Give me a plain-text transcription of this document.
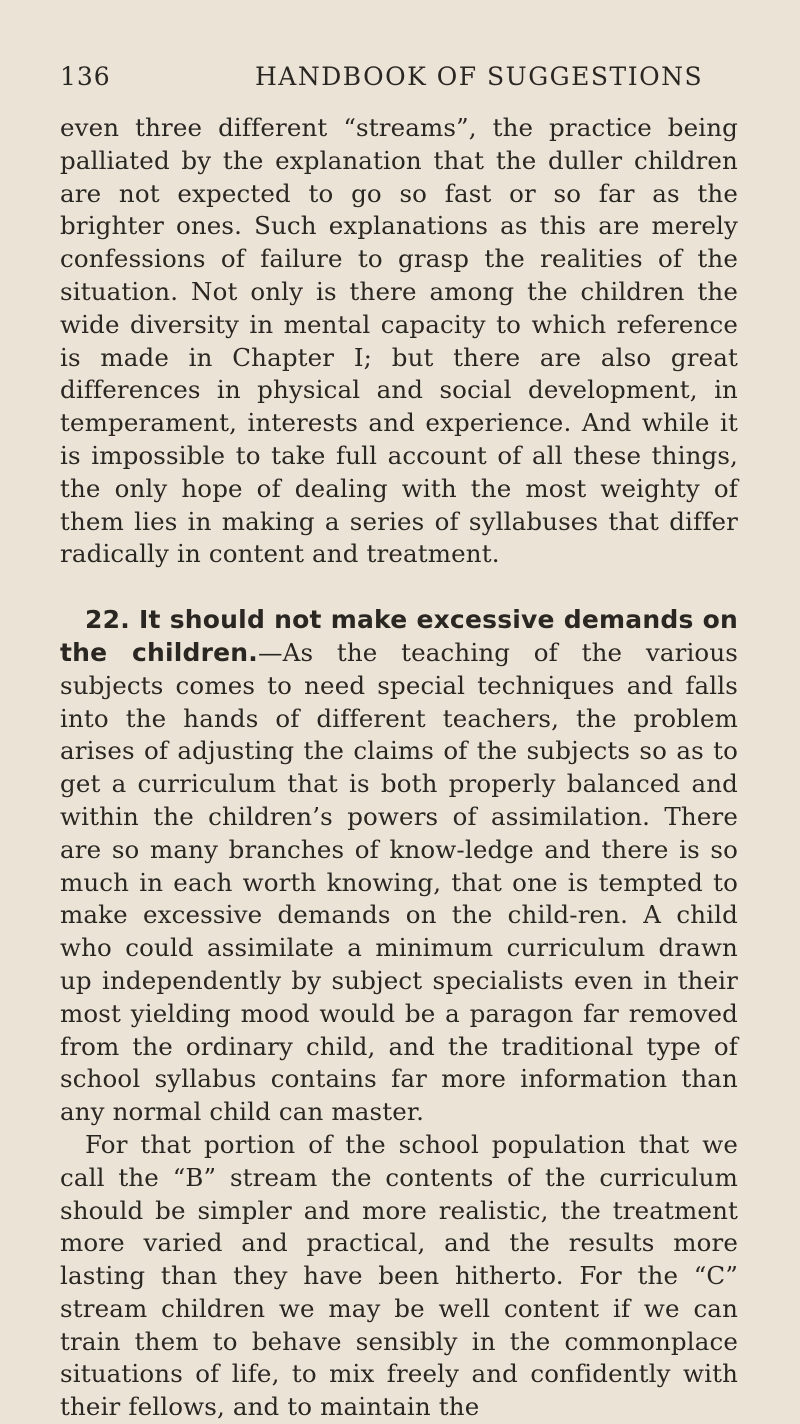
136	HANDBOOK OF SUGGESTIONS

even three different “streams”, the practice being palliated by the explanation that the duller children are not expected to go so fast or so far as the brighter ones. Such explanations as this are merely confessions of failure to grasp the realities of the situation. Not only is there among the children the wide diversity in mental capacity to which reference is made in Chapter I; but there are also great differences in physical and social development, in temperament, interests and experience. And while it is impossible to take full account of all these things, the only hope of dealing with the most weighty of them lies in making a series of syllabuses that differ radically in content and treatment.

22. It should not make excessive demands on the children.—As the teaching of the various subjects comes to need special techniques and falls into the hands of different teachers, the problem arises of adjusting the claims of the subjects so as to get a curriculum that is both properly balanced and within the children’s powers of assimilation. There are so many branches of know-ledge and there is so much in each worth knowing, that one is tempted to make excessive demands on the child-ren. A child who could assimilate a minimum curriculum drawn up independently by subject specialists even in their most yielding mood would be a paragon far removed from the ordinary child, and the traditional type of school syllabus contains far more information than any normal child can master.

For that portion of the school population that we call the “B” stream the contents of the curriculum should be simpler and more realistic, the treatment more varied and practical, and the results more lasting than they have been hitherto. For the “C” stream children we may be well content if we can train them to behave sensibly in the commonplace situations of life, to mix freely and confidently with their fellows, and to maintain the
